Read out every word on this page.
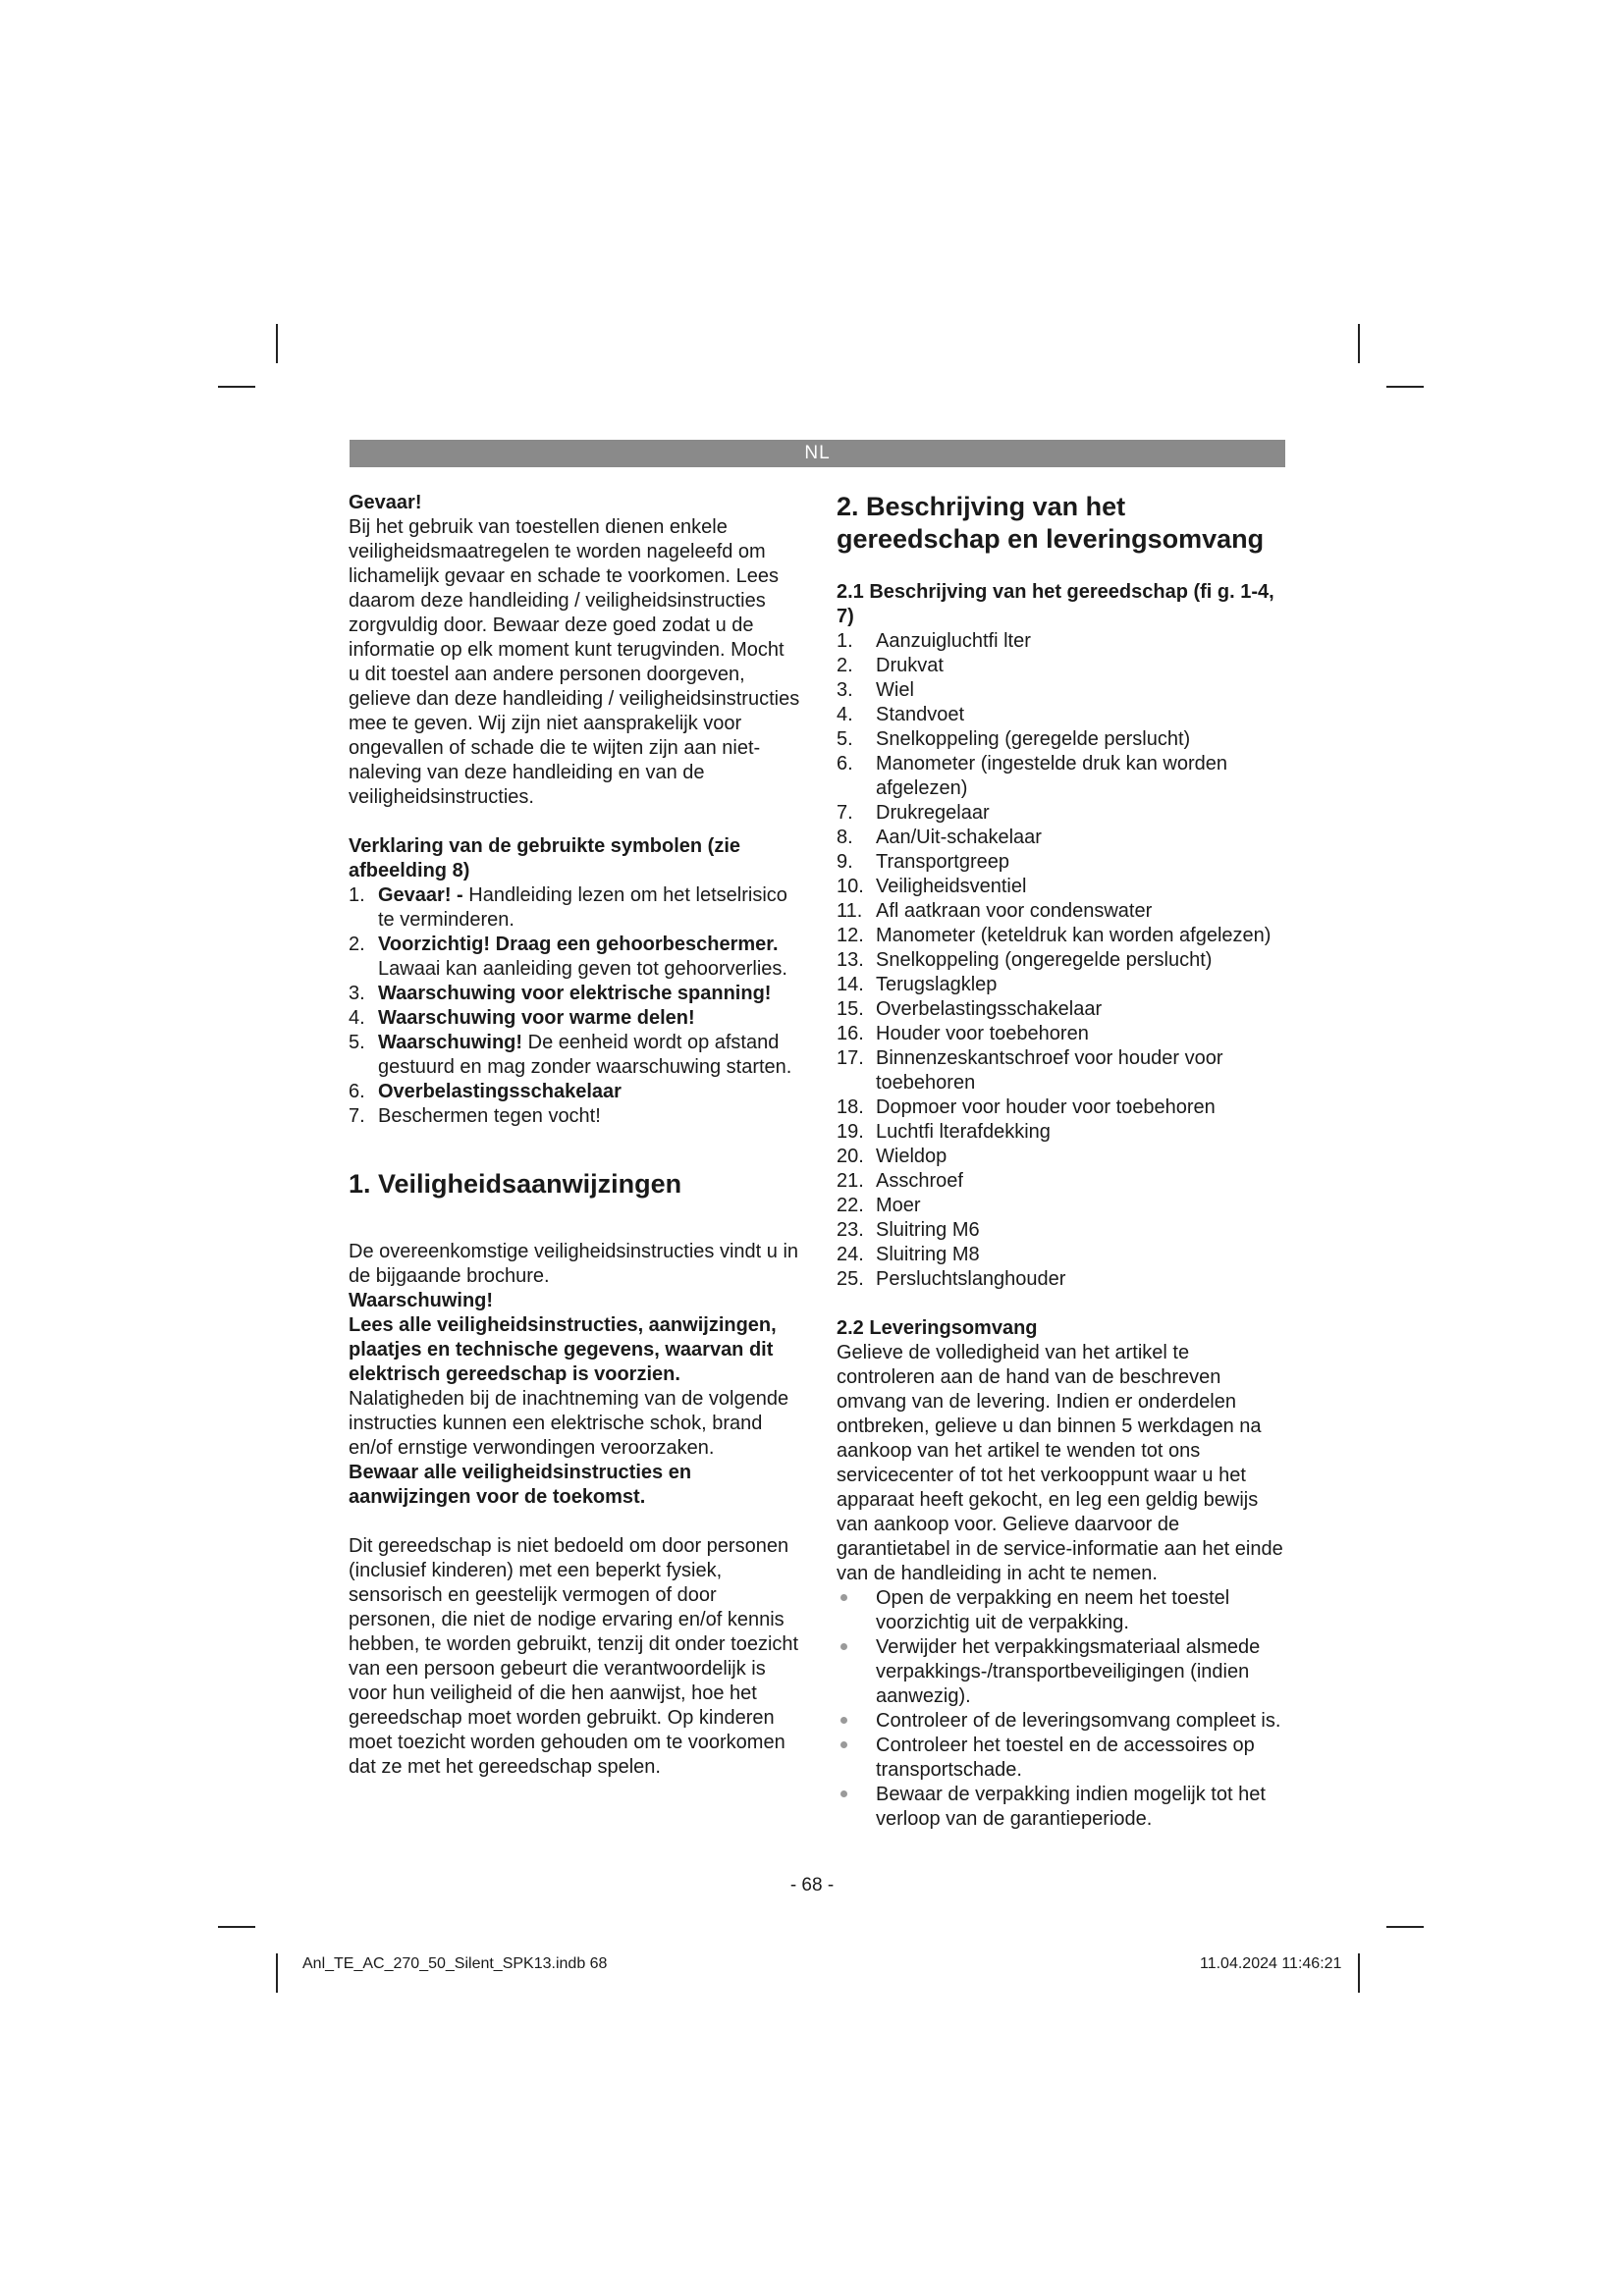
NL

Gevaar!

Bij het gebruik van toestellen dienen enkele veiligheidsmaatregelen te worden nageleefd om lichamelijk gevaar en schade te voorkomen. Lees daarom deze handleiding / veiligheidsinstructies zorgvuldig door. Bewaar deze goed zodat u de informatie op elk moment kunt terugvinden. Mocht u dit toestel aan andere personen doorgeven, gelieve dan deze handleiding / veiligheidsinstructies mee te geven. Wij zijn niet aansprakelijk voor ongevallen of schade die te wijten zijn aan niet-naleving van deze handleiding en van de veiligheidsinstructies.

Verklaring van de gebruikte symbolen (zie afbeelding 8)

1. Gevaar! - Handleiding lezen om het letselrisico te verminderen.
2. Voorzichtig! Draag een gehoorbeschermer. Lawaai kan aanleiding geven tot gehoorverlies.
3. Waarschuwing voor elektrische spanning!
4. Waarschuwing voor warme delen!
5. Waarschuwing! De eenheid wordt op afstand gestuurd en mag zonder waarschuwing starten.
6. Overbelastingsschakelaar
7. Beschermen tegen vocht!
1. Veiligheidsaanwijzingen

De overeenkomstige veiligheidsinstructies vindt u in de bijgaande brochure.

Waarschuwing!

Lees alle veiligheidsinstructies, aanwijzingen, plaatjes en technische gegevens, waarvan dit elektrisch gereedschap is voorzien.

Nalatigheden bij de inachtneming van de volgende instructies kunnen een elektrische schok, brand en/of ernstige verwondingen veroorzaken.

Bewaar alle veiligheidsinstructies en aanwijzingen voor de toekomst.

Dit gereedschap is niet bedoeld om door personen (inclusief kinderen) met een beperkt fysiek, sensorisch en geestelijk vermogen of door personen, die niet de nodige ervaring en/of kennis hebben, te worden gebruikt, tenzij dit onder toezicht van een persoon gebeurt die verantwoordelijk is voor hun veiligheid of die hen aanwijst, hoe het gereedschap moet worden gebruikt. Op kinderen moet toezicht worden gehouden om te voorkomen dat ze met het gereedschap spelen.

2. Beschrijving van het gereedschap en leveringsomvang
2.1 Beschrijving van het gereedschap (fi g. 1-4, 7)
1. Aanzuigluchtfi lter
2. Drukvat
3. Wiel
4. Standvoet
5. Snelkoppeling (geregelde perslucht)
6. Manometer (ingestelde druk kan worden afgelezen)
7. Drukregelaar
8. Aan/Uit-schakelaar
9. Transportgreep
10. Veiligheidsventiel
11. Afl aatkraan voor condenswater
12. Manometer (keteldruk kan worden afgelezen)
13. Snelkoppeling (ongeregelde perslucht)
14. Terugslagklep
15. Overbelastingsschakelaar
16. Houder voor toebehoren
17. Binnenzeskantschroef voor houder voor toebehoren
18. Dopmoer voor houder voor toebehoren
19. Luchtfi lterafdekking
20. Wieldop
21. Asschroef
22. Moer
23. Sluitring M6
24. Sluitring M8
25. Persluchtslanghouder
2.2 Leveringsomvang

Gelieve de volledigheid van het artikel te controleren aan de hand van de beschreven omvang van de levering. Indien er onderdelen ontbreken, gelieve u dan binnen 5 werkdagen na aankoop van het artikel te wenden tot ons servicecenter of tot het verkooppunt waar u het apparaat heeft gekocht, en leg een geldig bewijs van aankoop voor. Gelieve daarvoor de garantietabel in de service-informatie aan het einde van de handleiding in acht te nemen.

Open de verpakking en neem het toestel voorzichtig uit de verpakking.
Verwijder het verpakkingsmateriaal alsmede verpakkings-/transportbeveiligingen (indien aanwezig).
Controleer of de leveringsomvang compleet is.
Controleer het toestel en de accessoires op transportschade.
Bewaar de verpakking indien mogelijk tot het verloop van de garantieperiode.
- 68 -
Anl_TE_AC_270_50_Silent_SPK13.indb 68	11.04.2024 11:46:21
